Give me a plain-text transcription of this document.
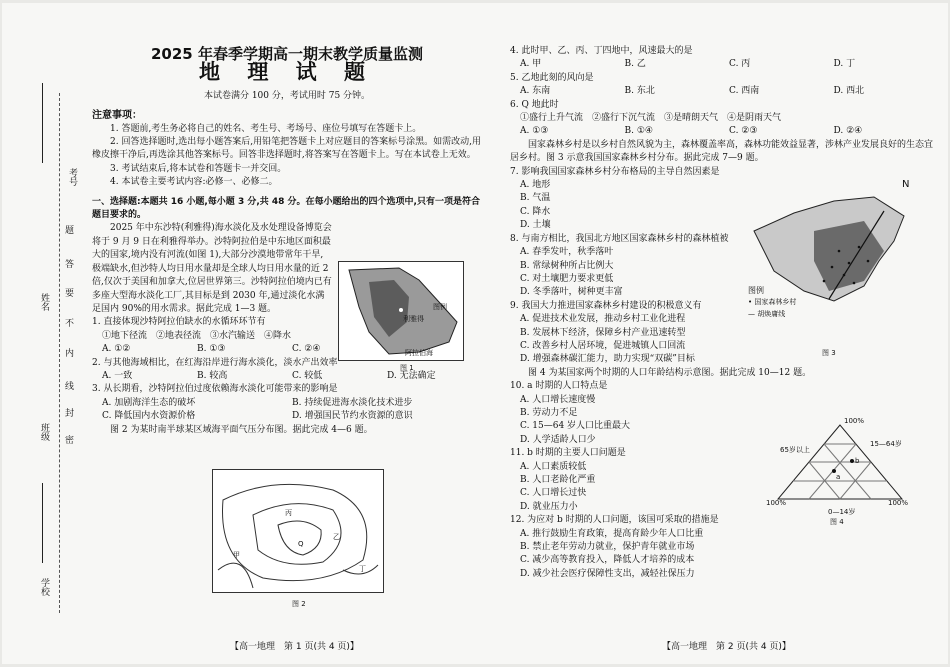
考号
姓名
班级
学校
题
答
要
不
内
线
封
密
2025 年春季学期高一期末教学质量监测
地 理 试 题
本试卷满分 100 分，考试用时 75 分钟。
注意事项：
1. 答题前,考生务必将自己的姓名、考生号、考场号、座位号填写在答题卡上。
2. 回答选择题时,选出每小题答案后,用铅笔把答题卡上对应题目的答案标号涂黑。如需改动,用橡皮擦干净后,再选涂其他答案标号。回答非选择题时,将答案写在答题卡上。写在本试卷上无效。
3. 考试结束后,将本试卷和答题卡一并交回。
4. 本试卷主要考试内容:必修一、必修二。
一、选择题:本题共 16 小题,每小题 3 分,共 48 分。在每小题给出的四个选项中,只有一项是符合题目要求的。
2025 年中东沙特(利雅得)海水淡化及水处理设备博览会将于 9 月 9 日在利雅得举办。沙特阿拉伯是中东地区面积最大的国家,境内没有河流(如图 1),大部分沙漠地带常年干旱,极端缺水,但沙特人均日用水量却是全球人均日用水量的近 2 倍,仅次于美国和加拿大,位居世界第三。沙特阿拉伯境内已有多座大型海水淡化工厂,其目标是到 2030 年,通过淡化水满足国内 90%的用水需求。据此完成 1—3 题。
1. 直接体现沙特阿拉伯缺水的水循环环节有
①地下径流　②地表径流　③水汽输送　④降水
A. ①②	B. ①③	C. ②④
2. 与其他海域相比，在红海沿岸进行海水淡化，淡水产出效率
A. 一致	B. 较高	C. 较低	D. 无法确定
3. 从长期看，沙特阿拉伯过度依赖海水淡化可能带来的影响是
A. 加剧海洋生态的破坏	B. 持续促进海水淡化技术进步
C. 降低国内水资源价格	D. 增强国民节约水资源的意识
图 2 为某时南半球某区域海平面气压分布图。据此完成 4—6 题。
图例
阿拉伯海
利雅得
图 1
丙
甲
乙
丁
Q
图 2
【高一地理　第 1 页(共 4 页)】
4. 此时甲、乙、丙、丁四地中，风速最大的是
A. 甲	B. 乙	C. 丙	D. 丁
5. 乙地此刻的风向是
A. 东南	B. 东北	C. 西南	D. 西北
6. Q 地此时
①盛行上升气流　②盛行下沉气流　③是晴朗天气　④是阴雨天气
A. ①③	B. ①④	C. ②③	D. ②④
国家森林乡村是以乡村自然风貌为主，森林覆盖率高，森林功能效益显著，涉林产业发展良好的生态宜居乡村。图 3 示意我国国家森林乡村分布。据此完成 7—9 题。
7. 影响我国国家森林乡村分布格局的主导自然因素是
A. 地形
B. 气温
C. 降水
D. 土壤
8. 与南方相比，我国北方地区国家森林乡村的森林植被
A. 春季发叶，秋季落叶
B. 常绿树种所占比例大
C. 对土壤肥力要求更低
D. 冬季落叶，树种更丰富
9. 我国大力推进国家森林乡村建设的积极意义有
A. 促进技术业发展，推动乡村工业化进程
B. 发展林下经济，保障乡村产业迅速转型
C. 改善乡村人居环境，促进城镇人口回流
D. 增强森林碳汇能力，助力实现“双碳”目标
图 4 为某国家两个时期的人口年龄结构示意图。据此完成 10—12 题。
10. a 时期的人口特点是
A. 人口增长速度慢
B. 劳动力不足
C. 15—64 岁人口比重最大
D. 人学适龄人口少
11. b 时期的主要人口问题是
A. 人口素质较低
B. 人口老龄化严重
C. 人口增长过快
D. 就业压力小
12. 为应对 b 时期的人口问题，该国可采取的措施是
A. 推行鼓励生育政策，提高育龄少年人口比重
B. 禁止老年劳动力就业，保护青年就业市场
C. 减少高等教育投入，降低人才培养的成本
D. 减少社会医疗保障性支出，减轻社保压力
图例
• 国家森林乡村
— 胡焕庸线
N
图 3
a
b
100%	100%
100%
65岁以上
15—64岁
0—14岁
图 4
【高一地理　第 2 页(共 4 页)】
